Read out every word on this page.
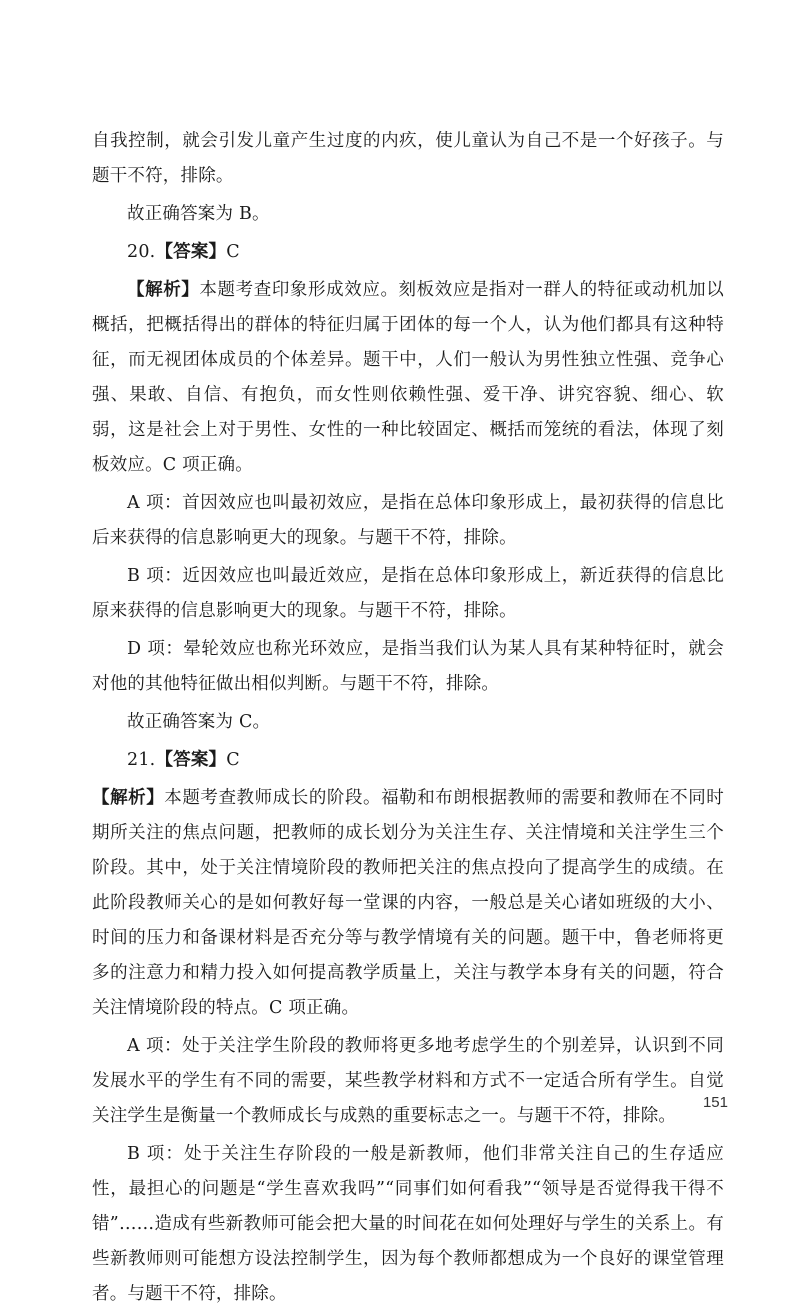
自我控制，就会引发儿童产生过度的内疚，使儿童认为自己不是一个好孩子。与题干不符，排除。

故正确答案为 B。

20.【答案】C

【解析】本题考查印象形成效应。刻板效应是指对一群人的特征或动机加以概括，把概括得出的群体的特征归属于团体的每一个人，认为他们都具有这种特征，而无视团体成员的个体差异。题干中，人们一般认为男性独立性强、竞争心强、果敢、自信、有抱负，而女性则依赖性强、爱干净、讲究容貌、细心、软弱，这是社会上对于男性、女性的一种比较固定、概括而笼统的看法，体现了刻板效应。C 项正确。

A 项：首因效应也叫最初效应，是指在总体印象形成上，最初获得的信息比后来获得的信息影响更大的现象。与题干不符，排除。

B 项：近因效应也叫最近效应，是指在总体印象形成上，新近获得的信息比原来获得的信息影响更大的现象。与题干不符，排除。

D 项：晕轮效应也称光环效应，是指当我们认为某人具有某种特征时，就会对他的其他特征做出相似判断。与题干不符，排除。

故正确答案为 C。

21.【答案】C

【解析】本题考查教师成长的阶段。福勒和布朗根据教师的需要和教师在不同时期所关注的焦点问题，把教师的成长划分为关注生存、关注情境和关注学生三个阶段。其中，处于关注情境阶段的教师把关注的焦点投向了提高学生的成绩。在此阶段教师关心的是如何教好每一堂课的内容，一般总是关心诸如班级的大小、时间的压力和备课材料是否充分等与教学情境有关的问题。题干中，鲁老师将更多的注意力和精力投入如何提高教学质量上，关注与教学本身有关的问题，符合关注情境阶段的特点。C 项正确。

A 项：处于关注学生阶段的教师将更多地考虑学生的个别差异，认识到不同发展水平的学生有不同的需要，某些教学材料和方式不一定适合所有学生。自觉关注学生是衡量一个教师成长与成熟的重要标志之一。与题干不符，排除。

B 项：处于关注生存阶段的一般是新教师，他们非常关注自己的生存适应性，最担心的问题是“学生喜欢我吗”“同事们如何看我”“领导是否觉得我干得不错”……造成有些新教师可能会把大量的时间花在如何处理好与学生的关系上。有些新教师则可能想方设法控制学生，因为每个教师都想成为一个良好的课堂管理者。与题干不符，排除。

151
